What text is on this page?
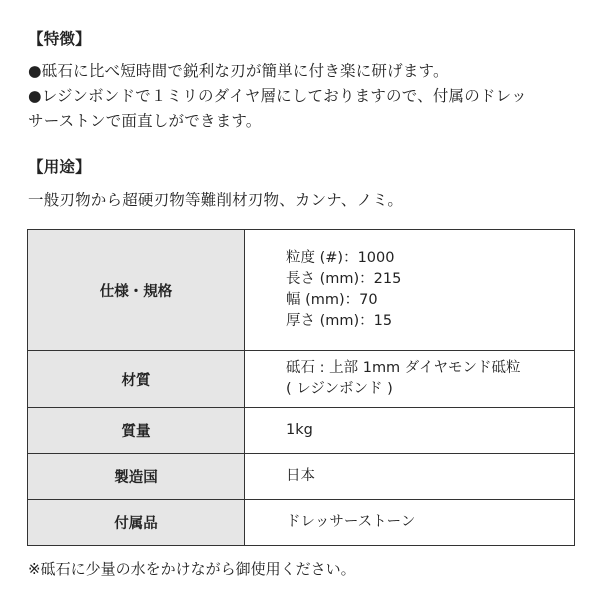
【特徴】
●砥石に比べ短時間で鋭利な刃が簡単に付き楽に研げます。
●レジンボンドで１ミリのダイヤ層にしておりますので、付属のドレッ
サーストンで面直しができます。
【用途】
一般刃物から超硬刃物等難削材刃物、カンナ、ノミ。
仕様・規格	粒度 (#)：1000
長さ (mm)：215
幅 (mm)：70
厚さ (mm)：15

材質	砥石 : 上部 1mm ダイヤモンド砥粒
( レジンボンド )

質量	1kg

製造国	日本

付属品	ドレッサーストーン
※砥石に少量の水をかけながら御使用ください。
